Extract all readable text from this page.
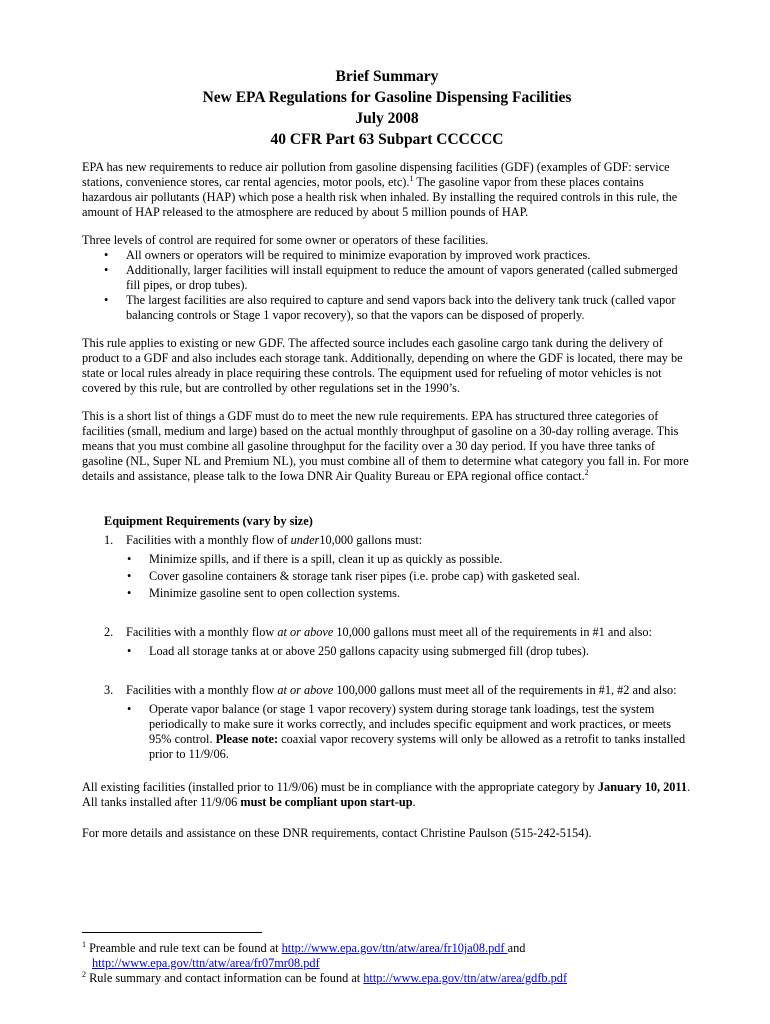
Brief Summary
New EPA Regulations for Gasoline Dispensing Facilities
July 2008
40 CFR Part 63 Subpart CCCCCC

EPA has new requirements to reduce air pollution from gasoline dispensing facilities (GDF) (examples of GDF: service stations, convenience stores, car rental agencies, motor pools, etc).$^1$ The gasoline vapor from these places contains hazardous air pollutants (HAP) which pose a health risk when inhaled. By installing the required controls in this rule, the amount of HAP released to the atmosphere are reduced by about 5 million pounds of HAP.

Three levels of control are required for some owner or operators of these facilities.

• All owners or operators will be required to minimize evaporation by improved work practices.
• Additionally, larger facilities will install equipment to reduce the amount of vapors generated (called submerged fill pipes, or drop tubes).
• The largest facilities are also required to capture and send vapors back into the delivery tank truck (called vapor balancing controls or Stage 1 vapor recovery), so that the vapors can be disposed of properly.

This rule applies to existing or new GDF. The affected source includes each gasoline cargo tank during the delivery of product to a GDF and also includes each storage tank. Additionally, depending on where the GDF is located, there may be state or local rules already in place requiring these controls. The equipment used for refueling of motor vehicles is not covered by this rule, but are controlled by other regulations set in the 1990’s.

This is a short list of things a GDF must do to meet the new rule requirements. EPA has structured three categories of facilities (small, medium and large) based on the actual monthly throughput of gasoline on a 30-day rolling average. This means that you must combine all gasoline throughput for the facility over a 30 day period. If you have three tanks of gasoline (NL, Super NL and Premium NL), you must combine all of them to determine what category you fall in. For more details and assistance, please talk to the Iowa DNR Air Quality Bureau or EPA regional office contact.$^2$

Equipment Requirements (vary by size)
1. Facilities with a monthly flow of under10,000 gallons must:
• Minimize spills, and if there is a spill, clean it up as quickly as possible.
• Cover gasoline containers & storage tank riser pipes (i.e. probe cap) with gasketed seal.
• Minimize gasoline sent to open collection systems.
2. Facilities with a monthly flow at or above 10,000 gallons must meet all of the requirements in #1 and also:
• Load all storage tanks at or above 250 gallons capacity using submerged fill (drop tubes).
3. Facilities with a monthly flow at or above 100,000 gallons must meet all of the requirements in #1, #2 and also:
• Operate vapor balance (or stage 1 vapor recovery) system during storage tank loadings, test the system periodically to make sure it works correctly, and includes specific equipment and work practices, or meets 95% control. Please note: coaxial vapor recovery systems will only be allowed as a retrofit to tanks installed prior to 11/9/06.

All existing facilities (installed prior to 11/9/06) must be in compliance with the appropriate category by January 10, 2011. All tanks installed after 11/9/06 must be compliant upon start-up.

For more details and assistance on these DNR requirements, contact Christine Paulson (515-242-5154).

$^1$ Preamble and rule text can be found at http://www.epa.gov/ttn/atw/area/fr10ja08.pdf and
http://www.epa.gov/ttn/atw/area/fr07mr08.pdf
$^2$ Rule summary and contact information can be found at http://www.epa.gov/ttn/atw/area/gdfb.pdf
